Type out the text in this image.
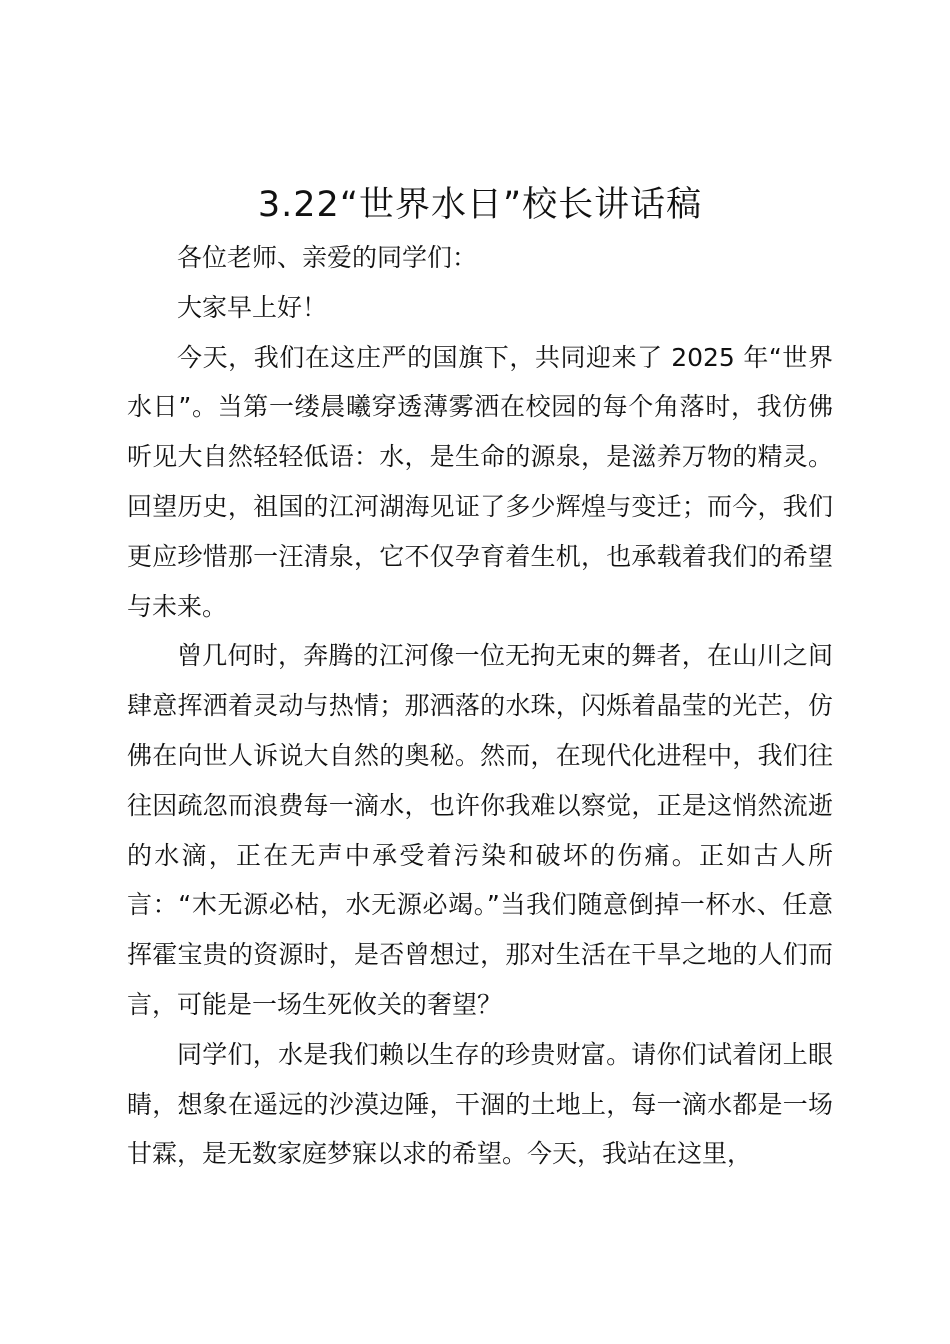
3.22“世界水日”校长讲话稿

各位老师、亲爱的同学们：

大家早上好！

今天，我们在这庄严的国旗下，共同迎来了 2025 年“世界水日”。当第一缕晨曦穿透薄雾洒在校园的每个角落时，我仿佛听见大自然轻轻低语：水，是生命的源泉，是滋养万物的精灵。回望历史，祖国的江河湖海见证了多少辉煌与变迁；而今，我们更应珍惜那一汪清泉，它不仅孕育着生机，也承载着我们的希望与未来。

曾几何时，奔腾的江河像一位无拘无束的舞者，在山川之间肆意挥洒着灵动与热情；那洒落的水珠，闪烁着晶莹的光芒，仿佛在向世人诉说大自然的奥秘。然而，在现代化进程中，我们往往因疏忽而浪费每一滴水，也许你我难以察觉，正是这悄然流逝的水滴，正在无声中承受着污染和破坏的伤痛。正如古人所言：“木无源必枯，水无源必竭。”当我们随意倒掉一杯水、任意挥霍宝贵的资源时，是否曾想过，那对生活在干旱之地的人们而言，可能是一场生死攸关的奢望？

同学们，水是我们赖以生存的珍贵财富。请你们试着闭上眼睛，想象在遥远的沙漠边陲，干涸的土地上，每一滴水都是一场甘霖，是无数家庭梦寐以求的希望。今天，我站在这里，
